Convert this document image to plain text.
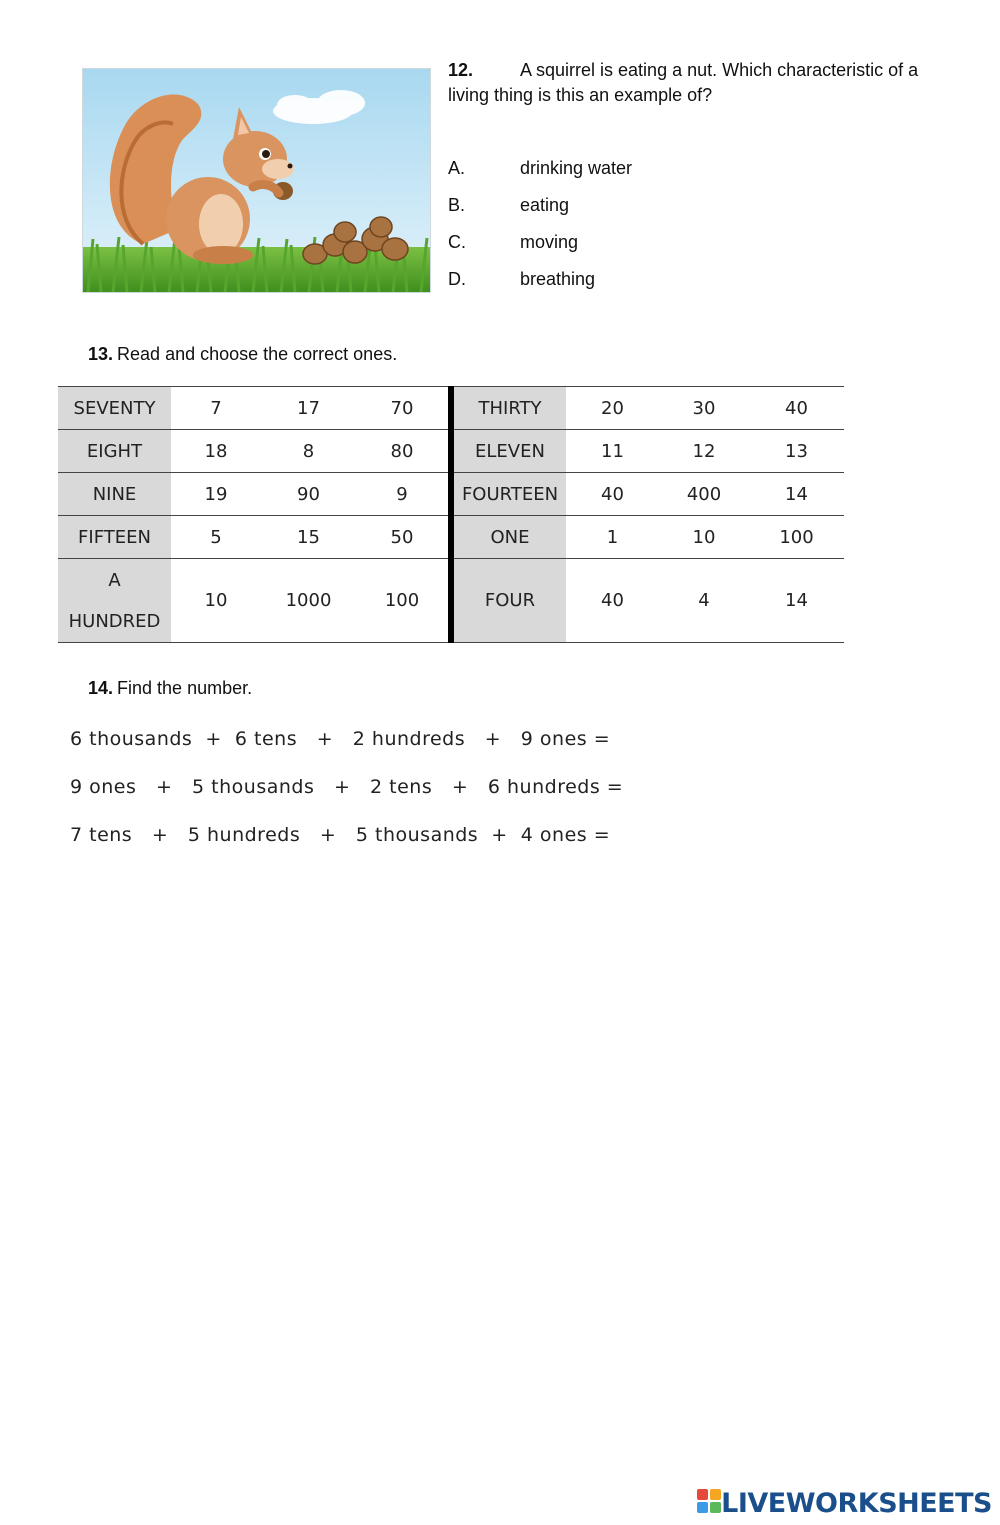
12.	A squirrel is eating a nut. Which characteristic of a living thing is this an example of?
A.	drinking water
B.	eating
C.	moving
D.	breathing
13. Read and choose the correct ones.
SEVENTY	7	17	70	THIRTY	20	30	40
EIGHT	18	8	80	ELEVEN	11	12	13
NINE	19	90	9	FOURTEEN	40	400	14
FIFTEEN	5	15	50	ONE	1	10	100
A
HUNDRED	10	1000	100	FOUR	40	4	14
14. Find the number.
6 thousands  +  6 tens   +   2 hundreds   +   9 ones =
9 ones   +   5 thousands   +   2 tens   +   6 hundreds =
7 tens   +   5 hundreds   +   5 thousands  +  4 ones =
LIVEWORKSHEETS
